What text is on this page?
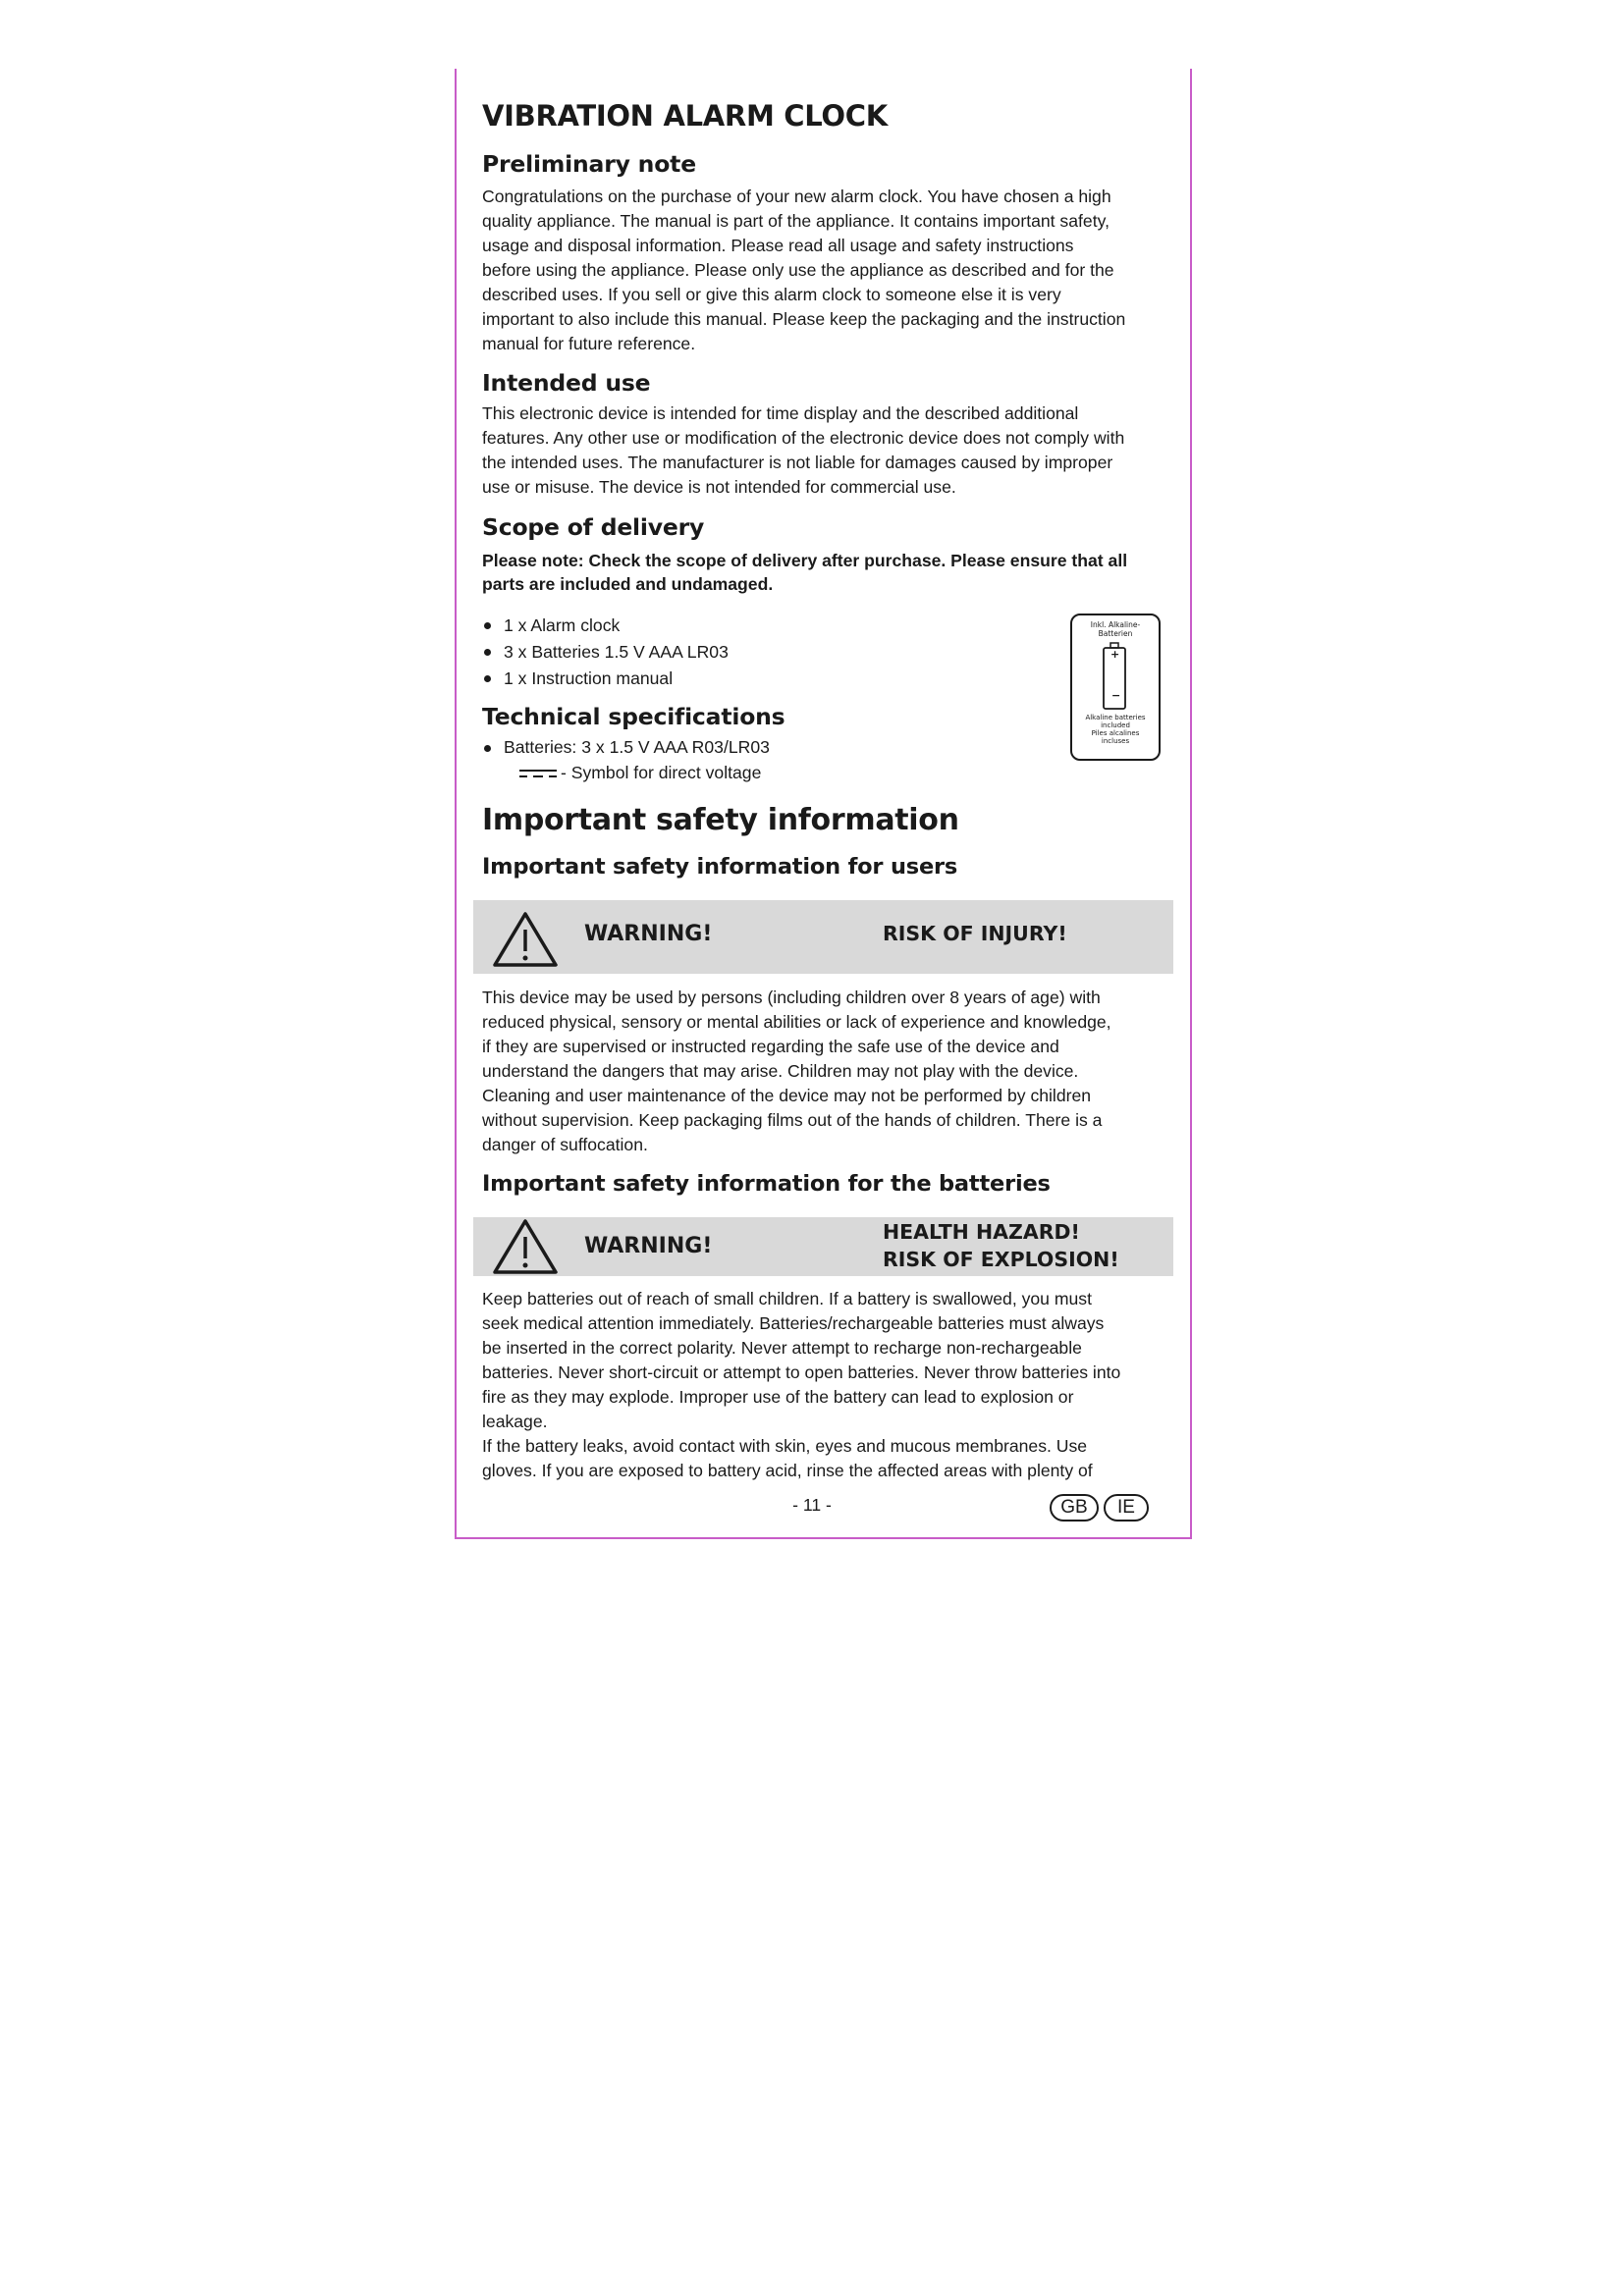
VIBRATION ALARM CLOCK
Preliminary note

Congratulations on the purchase of your new alarm clock. You have chosen a high

quality appliance. The manual is part of the appliance. It contains important safety,

usage and disposal information. Please read all usage and safety instructions

before using the appliance. Please only use the appliance as described and for the

described uses. If you sell or give this alarm clock to someone else it is very

important to also include this manual. Please keep the packaging and the instruction

manual for future reference.

Intended use

This electronic device is intended for time display and the described additional

features. Any other use or modification of the electronic device does not comply with

the intended uses. The manufacturer is not liable for damages caused by improper

use or misuse. The device is not intended for commercial use.

Scope of delivery

Please note: Check the scope of delivery after purchase. Please ensure that all

parts are included and undamaged.

1 x Alarm clock
3 x Batteries 1.5 V AAA LR03
1 x Instruction manual
Inkl. Alkaline-
Batterien
+
−
Alkaline batteries
included
Piles alcalines
incluses
Technical specifications
Batteries: 3 x 1.5 V AAA R03/LR03
- Symbol for direct voltage
Important safety information
Important safety information for users
WARNING!	RISK OF INJURY!

This device may be used by persons (including children over 8 years of age) with

reduced physical, sensory or mental abilities or lack of experience and knowledge,

if they are supervised or instructed regarding the safe use of the device and

understand the dangers that may arise. Children may not play with the device.

Cleaning and user maintenance of the device may not be performed by children

without supervision. Keep packaging films out of the hands of children. There is a

danger of suffocation.

Important safety information for the batteries
WARNING!
HEALTH HAZARD!
RISK OF EXPLOSION!

Keep batteries out of reach of small children. If a battery is swallowed, you must

seek medical attention immediately. Batteries/rechargeable batteries must always

be inserted in the correct polarity. Never attempt to recharge non-rechargeable

batteries. Never short-circuit or attempt to open batteries. Never throw batteries into

fire as they may explode. Improper use of the battery can lead to explosion or

leakage.

If the battery leaks, avoid contact with skin, eyes and mucous membranes. Use

gloves. If you are exposed to battery acid, rinse the affected areas with plenty of

- 11 -	GB	IE
